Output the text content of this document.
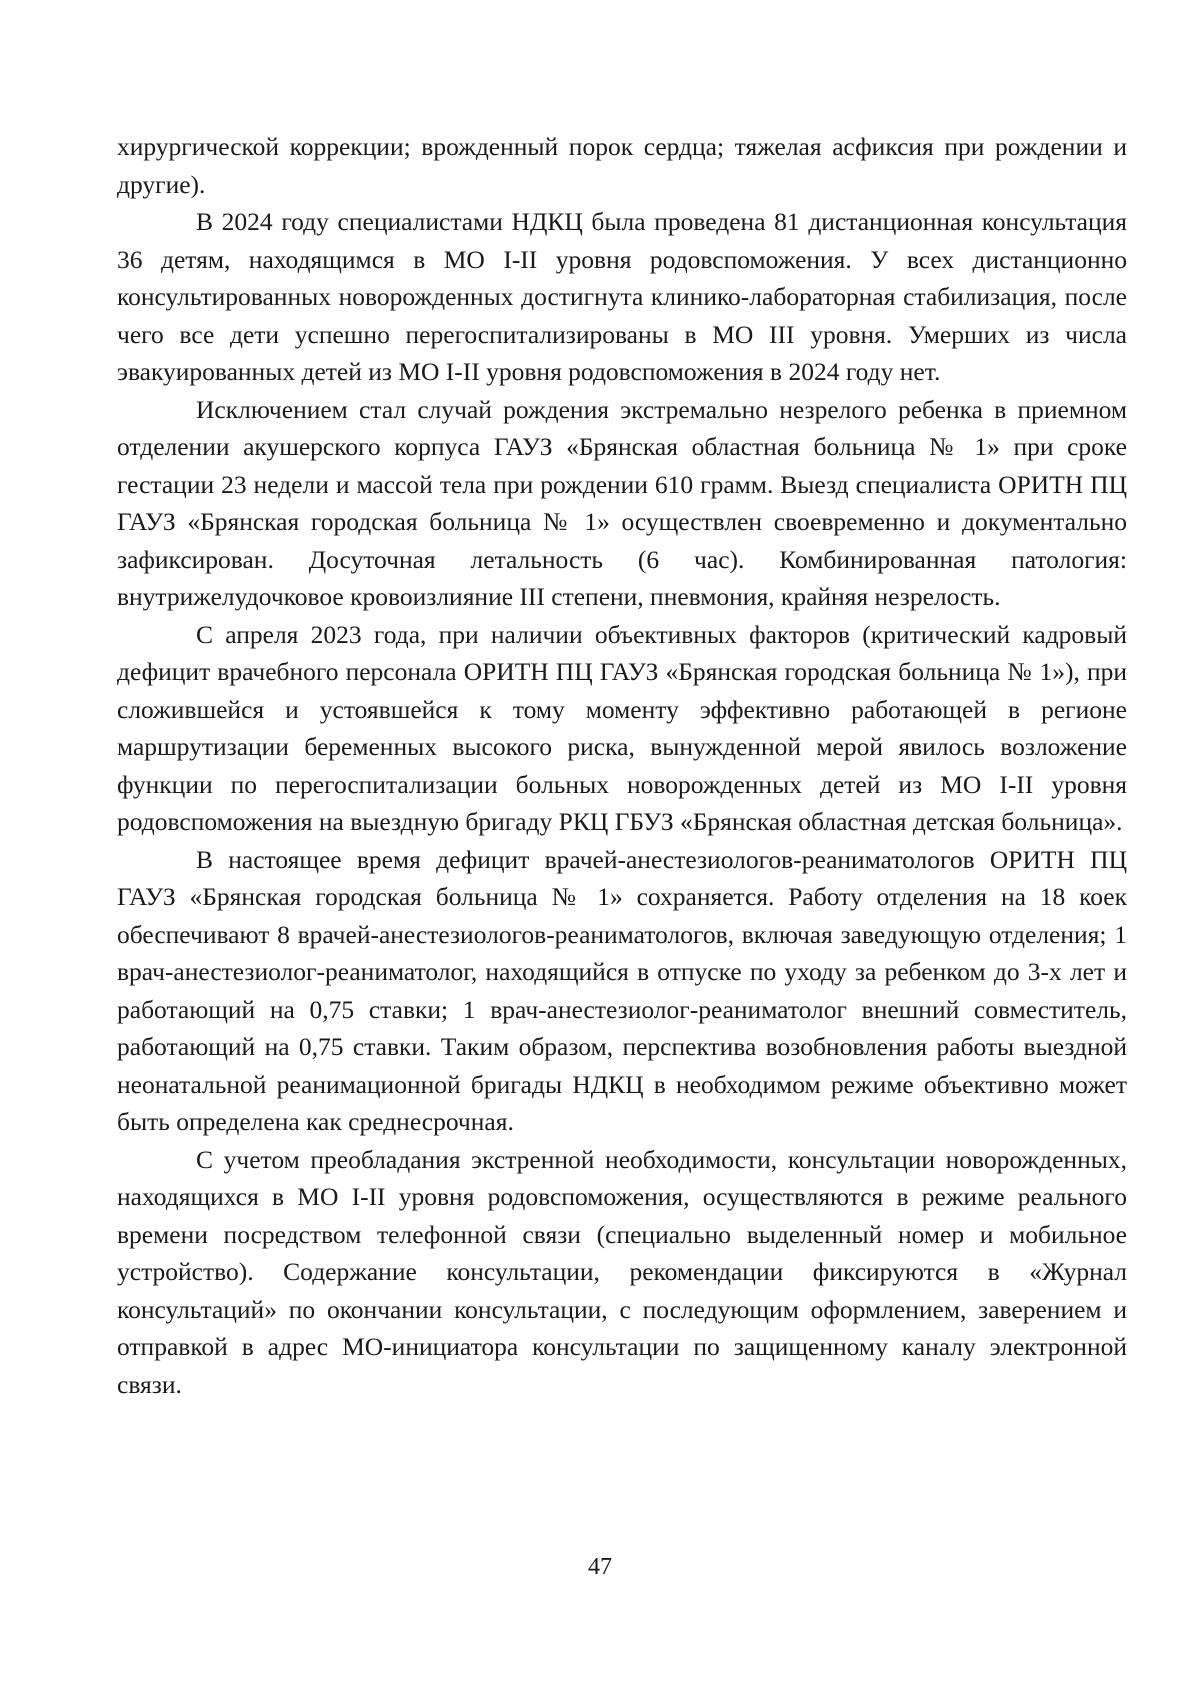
хирургической коррекции; врожденный порок сердца; тяжелая асфиксия при рождении и другие).

В 2024 году специалистами НДКЦ была проведена 81 дистанционная консультация 36 детям, находящимся в МО I-II уровня родовспоможения. У всех дистанционно консультированных новорожденных достигнута клинико-лабораторная стабилизация, после чего все дети успешно перегоспитализированы в МО III уровня. Умерших из числа эвакуированных детей из МО I-II уровня родовспоможения в 2024 году нет.

Исключением стал случай рождения экстремально незрелого ребенка в приемном отделении акушерского корпуса ГАУЗ «Брянская областная больница № 1» при сроке гестации 23 недели и массой тела при рождении 610 грамм. Выезд специалиста ОРИТН ПЦ ГАУЗ «Брянская городская больница № 1» осуществлен своевременно и документально зафиксирован. Досуточная летальность (6 час). Комбинированная патология: внутрижелудочковое кровоизлияние III степени, пневмония, крайняя незрелость.

С апреля 2023 года, при наличии объективных факторов (критический кадровый дефицит врачебного персонала ОРИТН ПЦ ГАУЗ «Брянская городская больница № 1»), при сложившейся и устоявшейся к тому моменту эффективно работающей в регионе маршрутизации беременных высокого риска, вынужденной мерой явилось возложение функции по перегоспитализации больных новорожденных детей из МО I-II уровня родовспоможения на выездную бригаду РКЦ ГБУЗ «Брянская областная детская больница».

В настоящее время дефицит врачей-анестезиологов-реаниматологов ОРИТН ПЦ ГАУЗ «Брянская городская больница № 1» сохраняется. Работу отделения на 18 коек обеспечивают 8 врачей-анестезиологов-реаниматологов, включая заведующую отделения; 1 врач-анестезиолог-реаниматолог, находящийся в отпуске по уходу за ребенком до 3-х лет и работающий на 0,75 ставки; 1 врач-анестезиолог-реаниматолог внешний совместитель, работающий на 0,75 ставки. Таким образом, перспектива возобновления работы выездной неонатальной реанимационной бригады НДКЦ в необходимом режиме объективно может быть определена как среднесрочная.

С учетом преобладания экстренной необходимости, консультации новорожденных, находящихся в МО I-II уровня родовспоможения, осуществляются в режиме реального времени посредством телефонной связи (специально выделенный номер и мобильное устройство). Содержание консультации, рекомендации фиксируются в «Журнал консультаций» по окончании консультации, с последующим оформлением, заверением и отправкой в адрес МО-инициатора консультации по защищенному каналу электронной связи.

47
